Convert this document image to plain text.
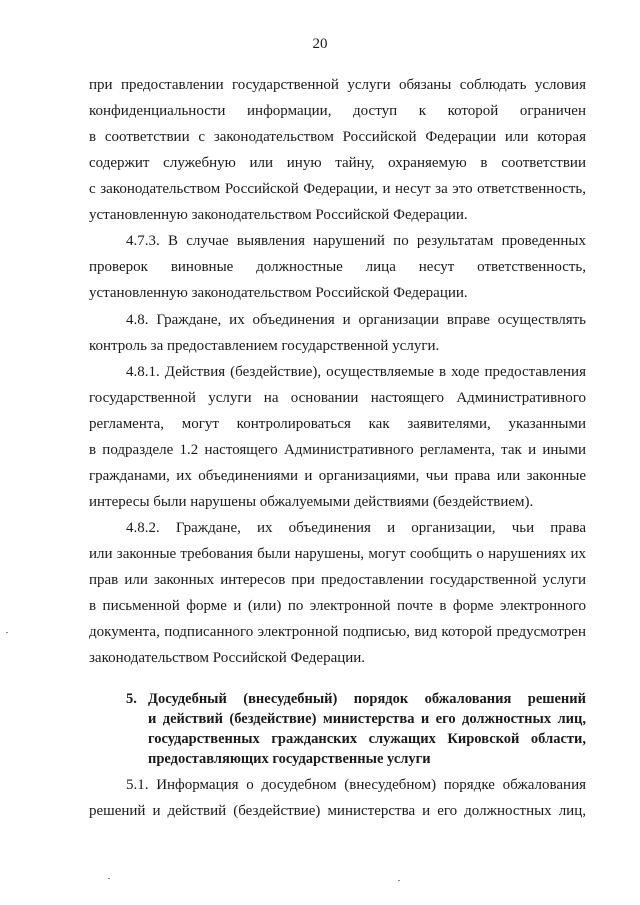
20
при предоставлении государственной услуги обязаны соблюдать условия
конфиденциальности информации, доступ к которой ограничен
в соответствии с законодательством Российской Федерации или которая
содержит служебную или иную тайну, охраняемую в соответствии
с законодательством Российской Федерации, и несут за это ответственность,
установленную законодательством Российской Федерации.
4.7.3. В случае выявления нарушений по результатам проведенных
проверок виновные должностные лица несут ответственность,
установленную законодательством Российской Федерации.
4.8. Граждане, их объединения и организации вправе осуществлять
контроль за предоставлением государственной услуги.
4.8.1. Действия (бездействие), осуществляемые в ходе предоставления
государственной услуги на основании настоящего Административного
регламента, могут контролироваться как заявителями, указанными
в подразделе 1.2 настоящего Административного регламента, так и иными
гражданами, их объединениями и организациями, чьи права или законные
интересы были нарушены обжалуемыми действиями (бездействием).
4.8.2. Граждане, их объединения и организации, чьи права
или законные требования были нарушены, могут сообщить о нарушениях их
прав или законных интересов при предоставлении государственной услуги
в письменной форме и (или) по электронной почте в форме электронного
документа, подписанного электронной подписью, вид которой предусмотрен
законодательством Российской Федерации.
5. Досудебный (внесудебный) порядок обжалования решений
и действий (бездействие) министерства и его должностных лиц,
государственных гражданских служащих Кировской области,
предоставляющих государственные услуги
5.1. Информация о досудебном (внесудебном) порядке обжалования
решений и действий (бездействие) министерства и его должностных лиц,
